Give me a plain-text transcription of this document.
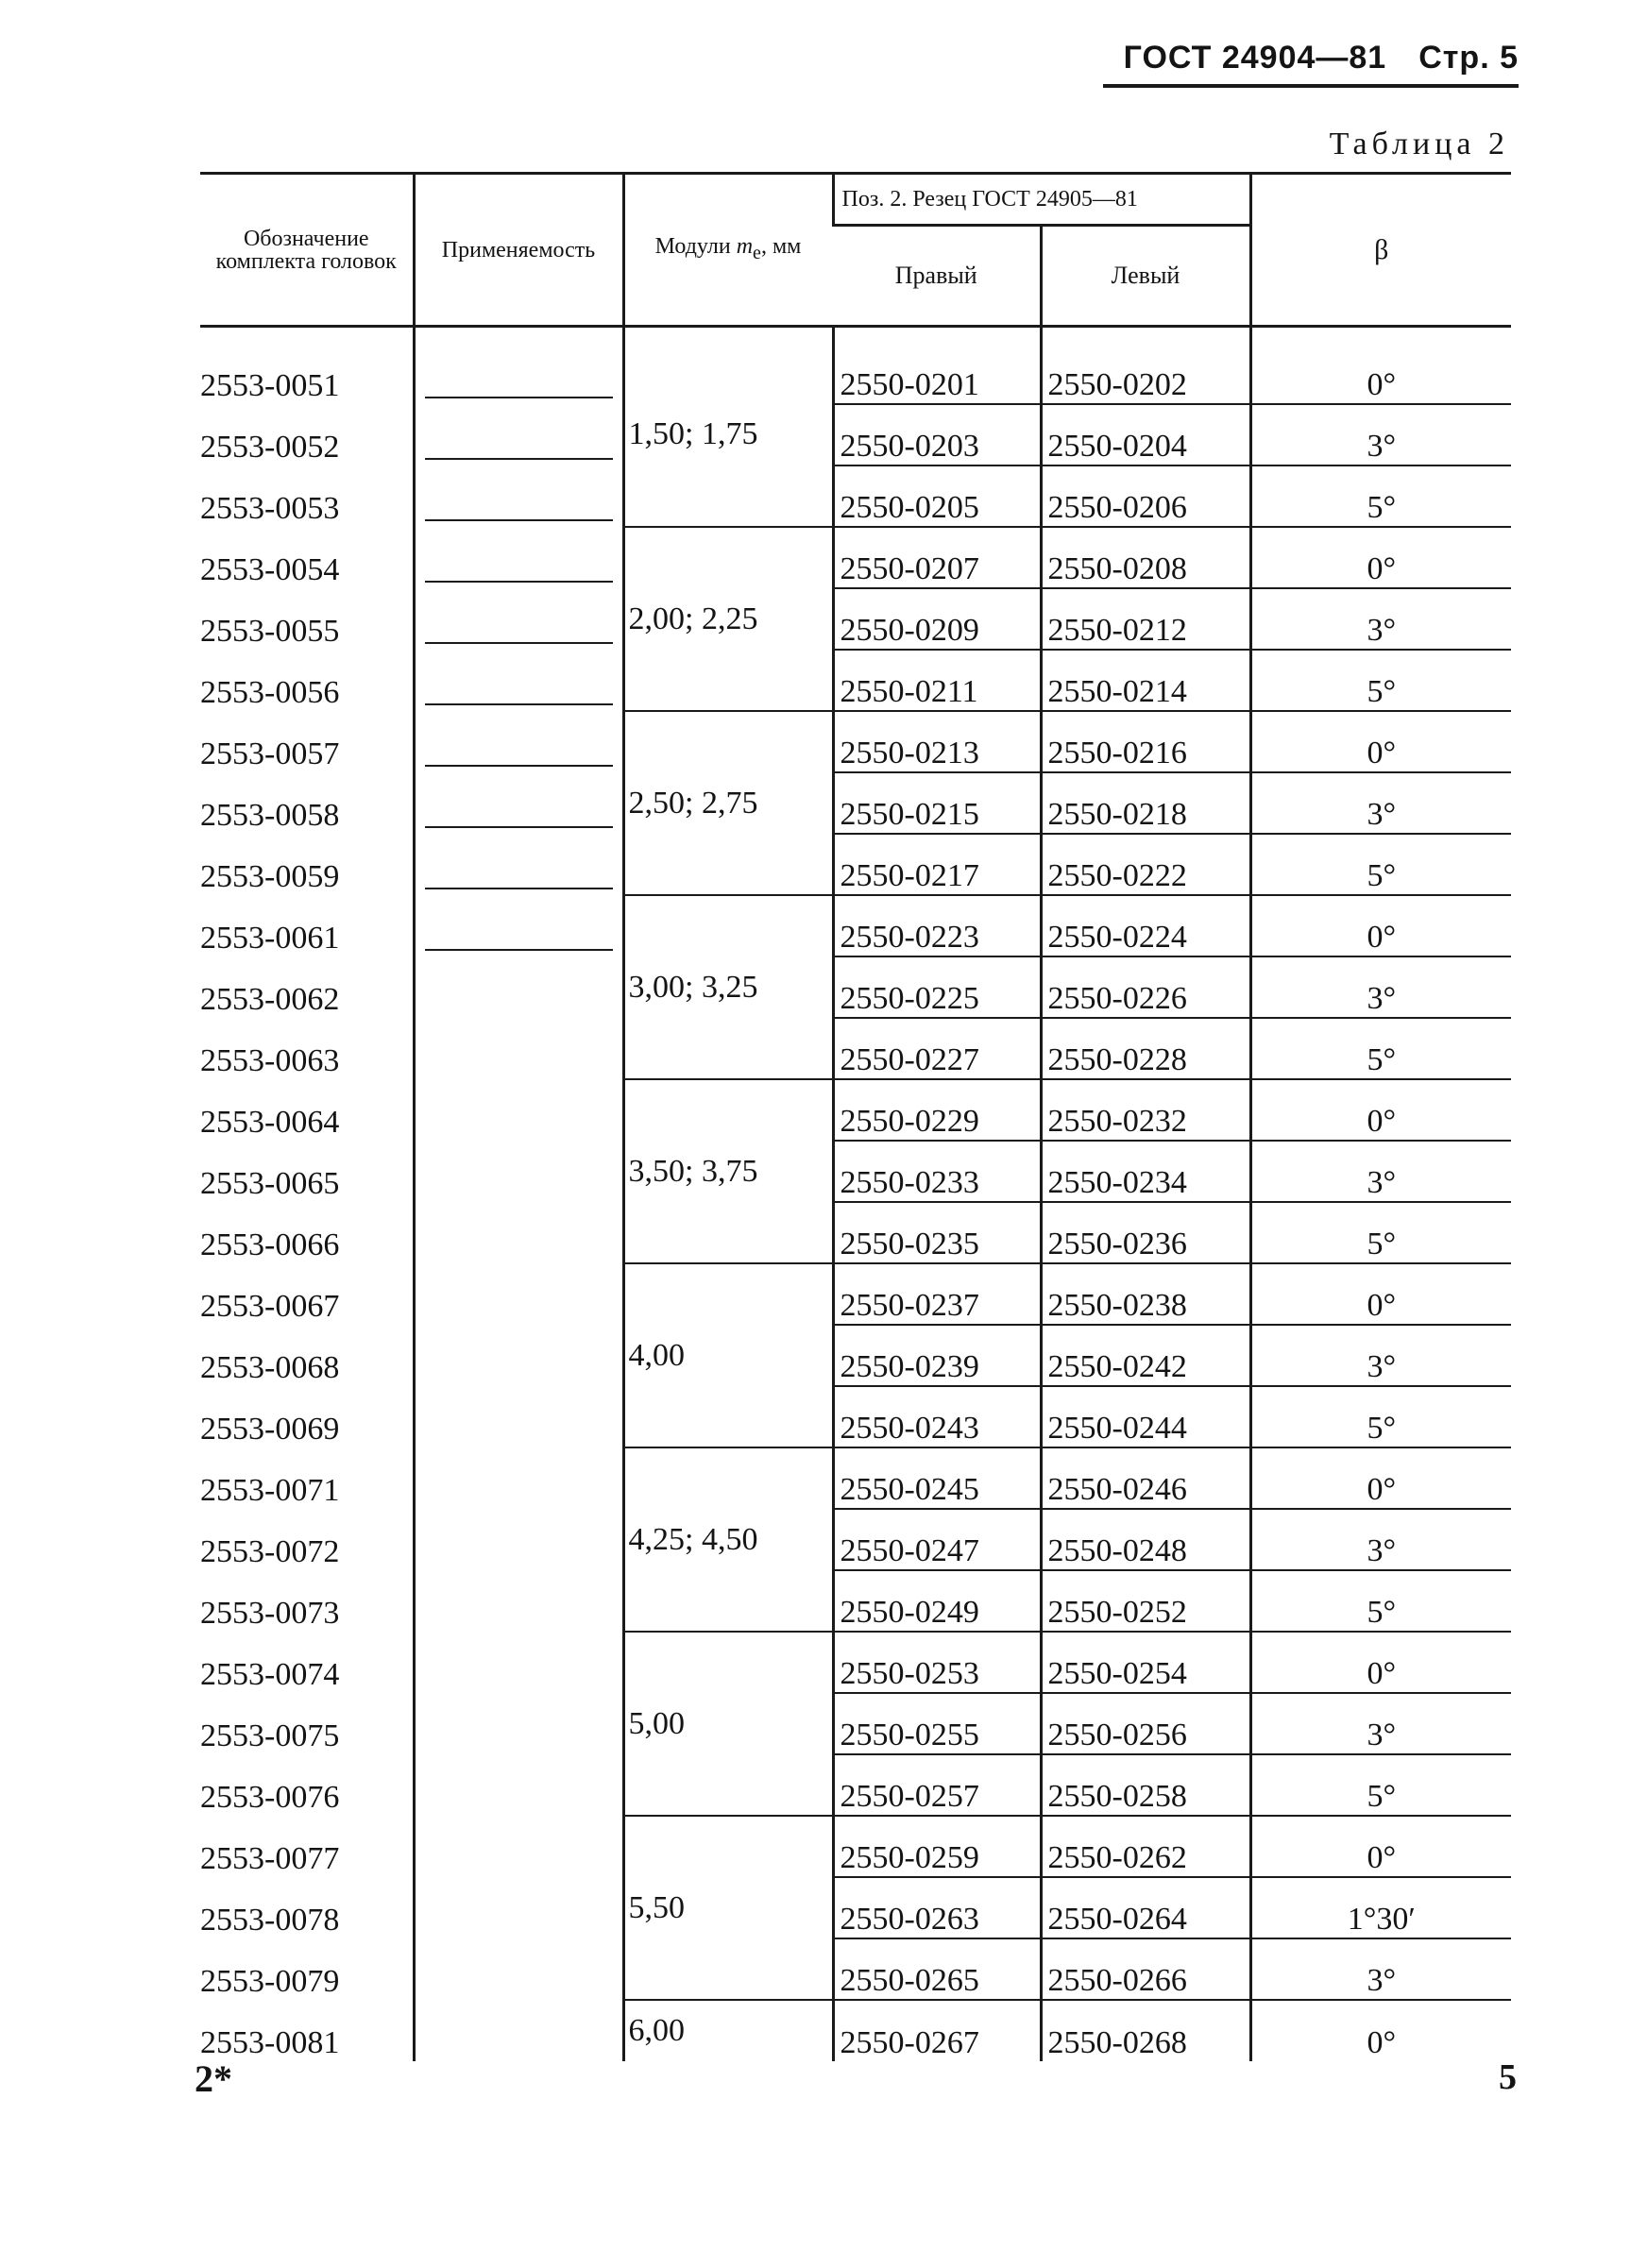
ГОСТ 24904—81 Стр. 5
Таблица 2
Обозначение комплекта головок	Применяемость	Модули $m_e$, мм	Поз. 2. Резец ГОСТ 24905—81		β
			Правый	Левый	

2553-0051		1,50; 1,75	2550-0201	2550-0202	0°
2553-0052			2550-0203	2550-0204	3°
2553-0053			2550-0205	2550-0206	5°
2553-0054		2,00; 2,25	2550-0207	2550-0208	0°
2553-0055			2550-0209	2550-0212	3°
2553-0056			2550-0211	2550-0214	5°
2553-0057		2,50; 2,75	2550-0213	2550-0216	0°
2553-0058			2550-0215	2550-0218	3°
2553-0059			2550-0217	2550-0222	5°
2553-0061		3,00; 3,25	2550-0223	2550-0224	0°
2553-0062			2550-0225	2550-0226	3°
2553-0063			2550-0227	2550-0228	5°
2553-0064		3,50; 3,75	2550-0229	2550-0232	0°
2553-0065			2550-0233	2550-0234	3°
2553-0066			2550-0235	2550-0236	5°
2553-0067		4,00	2550-0237	2550-0238	0°
2553-0068			2550-0239	2550-0242	3°
2553-0069			2550-0243	2550-0244	5°
2553-0071		4,25; 4,50	2550-0245	2550-0246	0°
2553-0072			2550-0247	2550-0248	3°
2553-0073			2550-0249	2550-0252	5°
2553-0074		5,00	2550-0253	2550-0254	0°
2553-0075			2550-0255	2550-0256	3°
2553-0076			2550-0257	2550-0258	5°
2553-0077		5,50	2550-0259	2550-0262	0°
2553-0078			2550-0263	2550-0264	1°30′
2553-0079			2550-0265	2550-0266	3°
2553-0081		6,00	2550-0267	2550-0268	0°
2*	5
